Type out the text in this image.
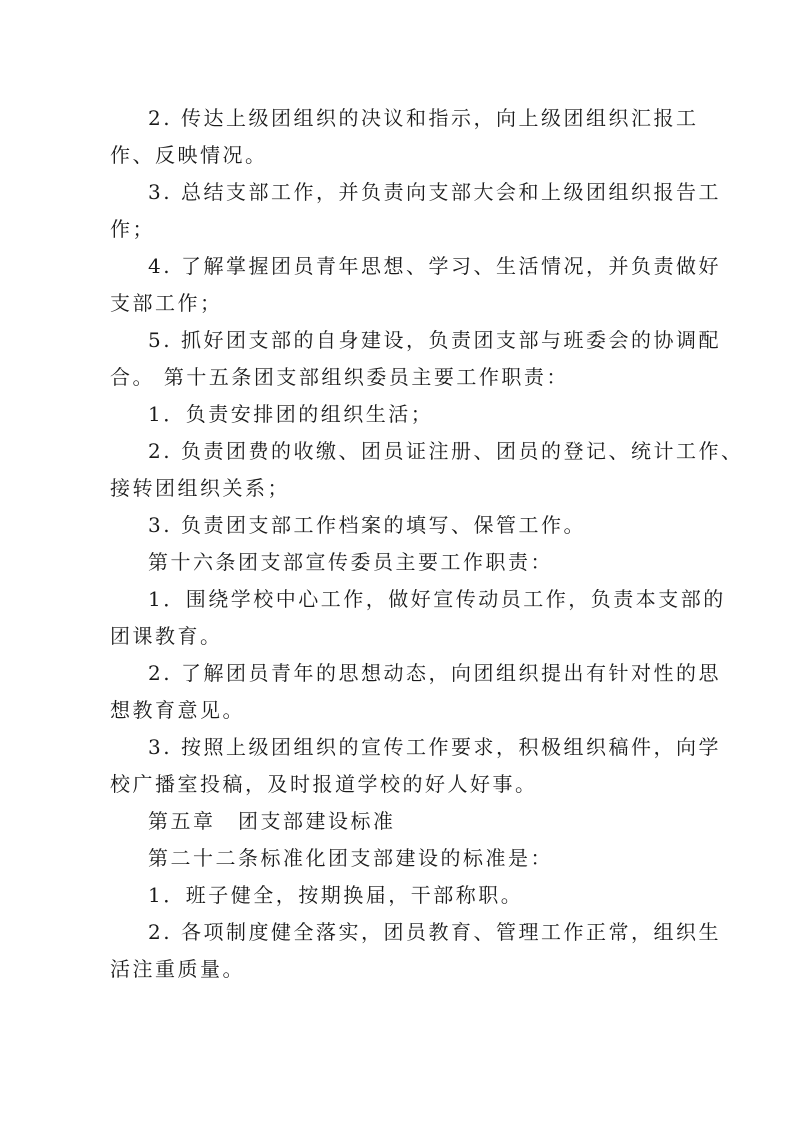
2. 传达上级团组织的决议和指示，向上级团组织汇报工
作、反映情况。
3. 总结支部工作，并负责向支部大会和上级团组织报告工
作；
4. 了解掌握团员青年思想、学习、生活情况，并负责做好
支部工作；
5. 抓好团支部的自身建设，负责团支部与班委会的协调配
合。 第十五条团支部组织委员主要工作职责：
1．负责安排团的组织生活；
2. 负责团费的收缴、团员证注册、团员的登记、统计工作、
接转团组织关系；
3. 负责团支部工作档案的填写、保管工作。
第十六条团支部宣传委员主要工作职责：
1．围绕学校中心工作，做好宣传动员工作，负责本支部的
团课教育。
2. 了解团员青年的思想动态，向团组织提出有针对性的思
想教育意见。
3. 按照上级团组织的宣传工作要求，积极组织稿件，向学
校广播室投稿，及时报道学校的好人好事。
第五章　团支部建设标准
第二十二条标准化团支部建设的标准是：
1．班子健全，按期换届，干部称职。
2. 各项制度健全落实，团员教育、管理工作正常，组织生
活注重质量。
